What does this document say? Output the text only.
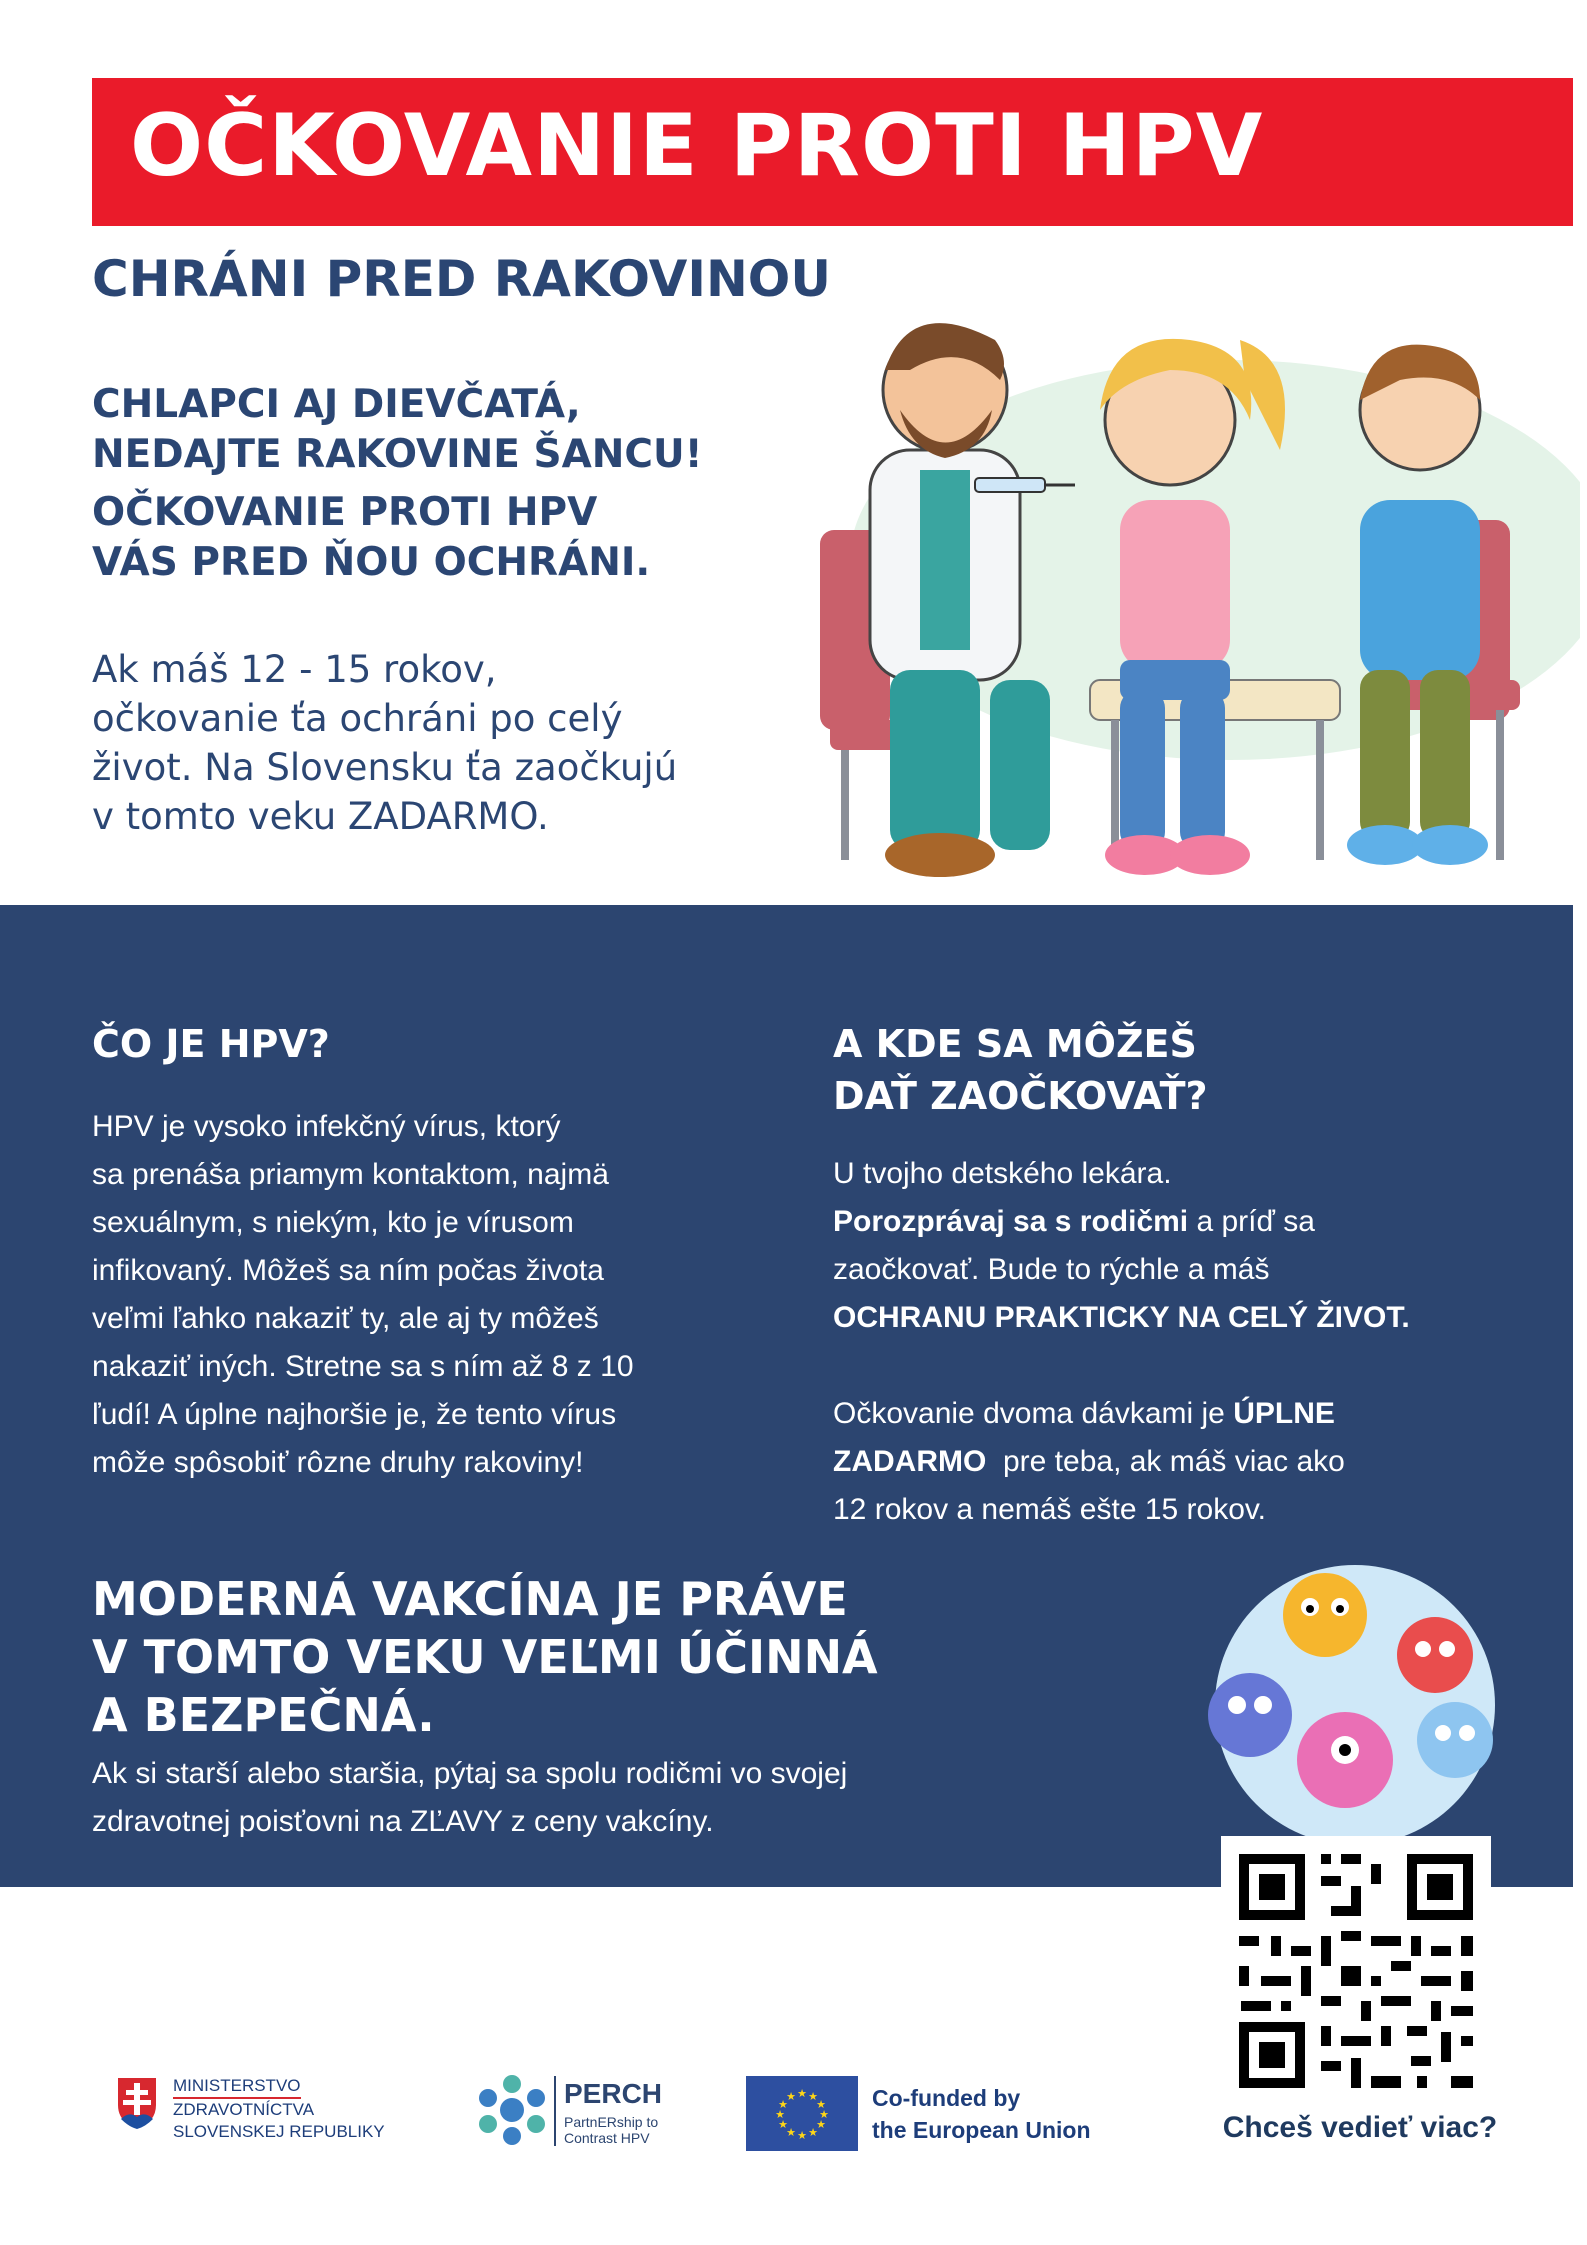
OČKOVANIE PROTI HPV
CHRÁNI PRED RAKOVINOU
CHLAPCI AJ DIEVČATÁ,
NEDAJTE RAKOVINE ŠANCU!
OČKOVANIE PROTI HPV
VÁS PRED ŇOU OCHRÁNI.
Ak máš 12 - 15 rokov,
očkovanie ťa ochráni po celý
život. Na Slovensku ťa zaočkujú
v tomto veku ZADARMO.
ČO JE HPV?
HPV je vysoko infekčný vírus, ktorý
sa prenáša priamym kontaktom, najmä
sexuálnym, s niekým, kto je vírusom
infikovaný. Môžeš sa ním počas života
veľmi ľahko nakaziť ty, ale aj ty môžeš
nakaziť iných. Stretne sa s ním až 8 z 10
ľudí! A úplne najhoršie je, že tento vírus
môže spôsobiť rôzne druhy rakoviny!
A KDE SA MÔŽEŠ
DAŤ ZAOČKOVAŤ?
U tvojho detského lekára.
Porozprávaj sa s rodičmi a príď sa
zaočkovať. Bude to rýchle a máš
OCHRANU PRAKTICKY NA CELÝ ŽIVOT.
Očkovanie dvoma dávkami je ÚPLNE
ZADARMO  pre teba, ak máš viac ako
12 rokov a nemáš ešte 15 rokov.
MODERNÁ VAKCÍNA JE PRÁVE
V TOMTO VEKU VEĽMI ÚČINNÁ
A BEZPEČNÁ.
Ak si starší alebo staršia, pýtaj sa spolu rodičmi vo svojej
zdravotnej poisťovni na ZĽAVY z ceny vakcíny.
Chceš vedieť viac?
MINISTERSTVO
ZDRAVOTNÍCTVA
SLOVENSKEJ REPUBLIKY
PERCH
PartnERship to
Contrast HPV
★ ★
★
★
★
★
★
★
★
★
★
★	Co-funded by
the European Union
